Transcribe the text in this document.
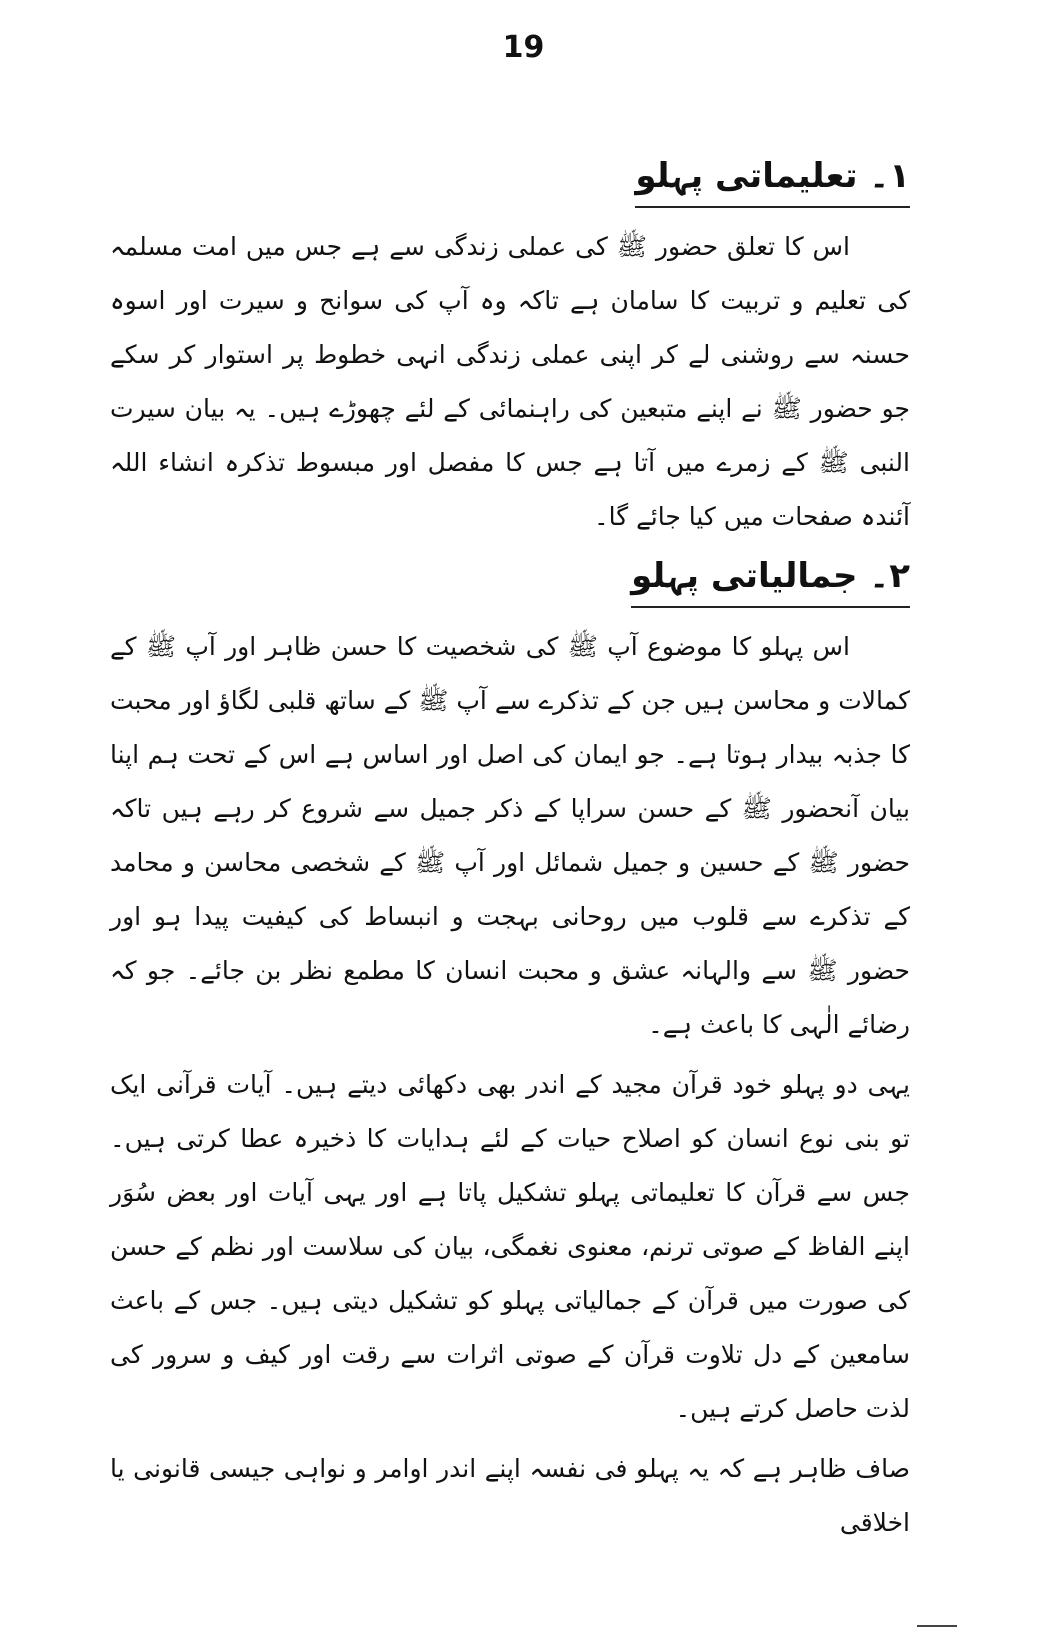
19
۱۔ تعلیماتی پہلو

اس کا تعلق حضور ﷺ کی عملی زندگی سے ہے جس میں امت مسلمہ کی تعلیم و تربیت کا سامان ہے تاکہ وہ آپ کی سوانح و سیرت اور اسوہ حسنہ سے روشنی لے کر اپنی عملی زندگی انہی خطوط پر استوار کر سکے جو حضور ﷺ نے اپنے متبعین کی راہنمائی کے لئے چھوڑے ہیں۔ یہ بیان سیرت النبی ﷺ کے زمرے میں آتا ہے جس کا مفصل اور مبسوط تذکرہ انشاء اللہ آئندہ صفحات میں کیا جائے گا۔

۲۔ جمالیاتی پہلو

اس پہلو کا موضوع آپ ﷺ کی شخصیت کا حسن ظاہر اور آپ ﷺ کے کمالات و محاسن ہیں جن کے تذکرے سے آپ ﷺ کے ساتھ قلبی لگاؤ اور محبت کا جذبہ بیدار ہوتا ہے۔ جو ایمان کی اصل اور اساس ہے اس کے تحت ہم اپنا بیان آنحضور ﷺ کے حسن سراپا کے ذکر جمیل سے شروع کر رہے ہیں تاکہ حضور ﷺ کے حسین و جمیل شمائل اور آپ ﷺ کے شخصی محاسن و محامد کے تذکرے سے قلوب میں روحانی بہجت و انبساط کی کیفیت پیدا ہو اور حضور ﷺ سے والہانہ عشق و محبت انسان کا مطمع نظر بن جائے۔ جو کہ رضائے الٰہی کا باعث ہے۔

یہی دو پہلو خود قرآن مجید کے اندر بھی دکھائی دیتے ہیں۔ آیات قرآنی ایک تو بنی نوع انسان کو اصلاح حیات کے لئے ہدایات کا ذخیرہ عطا کرتی ہیں۔ جس سے قرآن کا تعلیماتی پہلو تشکیل پاتا ہے اور یہی آیات اور بعض سُوَر اپنے الفاظ کے صوتی ترنم، معنوی نغمگی، بیان کی سلاست اور نظم کے حسن کی صورت میں قرآن کے جمالیاتی پہلو کو تشکیل دیتی ہیں۔ جس کے باعث سامعین کے دل تلاوت قرآن کے صوتی اثرات سے رقت اور کیف و سرور کی لذت حاصل کرتے ہیں۔

صاف ظاہر ہے کہ یہ پہلو فی نفسہ اپنے اندر اوامر و نواہی جیسی قانونی یا اخلاقی
